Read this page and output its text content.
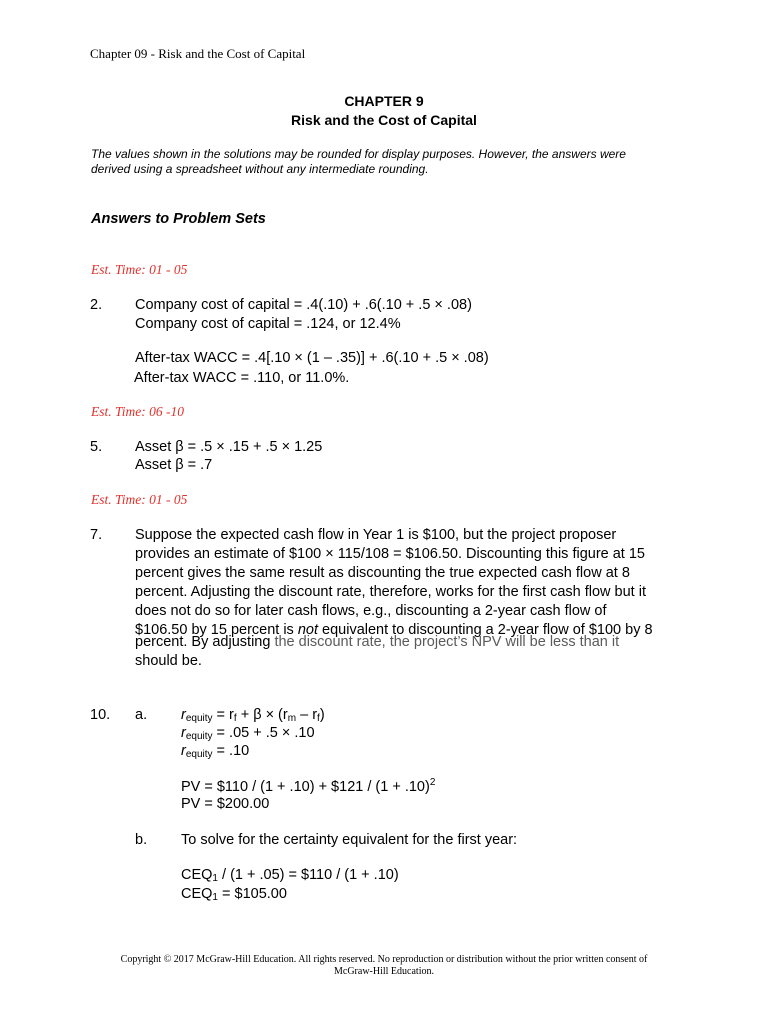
Chapter 09 - Risk and the Cost of Capital
CHAPTER 9
Risk and the Cost of Capital
The values shown in the solutions may be rounded for display purposes. However, the answers were
derived using a spreadsheet without any intermediate rounding.
Answers to Problem Sets
Est. Time: 01 - 05
2. Company cost of capital = .4(.10) + .6(.10 + .5 × .08)
Company cost of capital = .124, or 12.4%
After-tax WACC = .4[.10 × (1 – .35)] + .6(.10 + .5 × .08)
After-tax WACC = .110, or 11.0%.
Est. Time: 06 -10
5. Asset β = .5 × .15 + .5 × 1.25
Asset β = .7
Est. Time: 01 - 05
7. Suppose the expected cash flow in Year 1 is $100, but the project proposer
provides an estimate of $100 × 115/108 = $106.50. Discounting this figure at 15
percent gives the same result as discounting the true expected cash flow at 8
percent. Adjusting the discount rate, therefore, works for the first cash flow but it
does not do so for later cash flows, e.g., discounting a 2-year cash flow of
$106.50 by 15 percent is not equivalent to discounting a 2-year flow of $100 by 8
percent. By adjusting the discount rate, the project’s NPV will be less than it
should be.
10. a. $r_{equity} = r_f + \beta \times (r_m - r_f)$
$r_{equity} = .05 + .5 \times .10$
$r_{equity} = .10$
PV = $110 / (1 + .10) + $121 / $(1 + .10)^2$
PV = $200.00
b. To solve for the certainty equivalent for the first year:
$CEQ_1 / (1 + .05)$ = $110 / (1 + .10)
$CEQ_1$ = $105.00
Copyright © 2017 McGraw-Hill Education. All rights reserved. No reproduction or distribution without the prior written consent of
McGraw-Hill Education.
